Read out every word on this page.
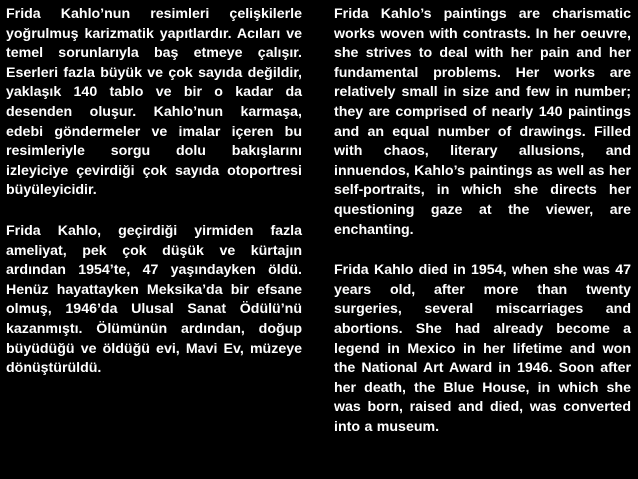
Frida Kahlo’nun resimleri çelişkilerle yoğrulmuş karizmatik yapıtlardır. Acıları ve temel sorunlarıyla baş etmeye çalışır. Eserleri fazla büyük ve çok sayıda değildir, yaklaşık 140 tablo ve bir o kadar da desenden oluşur. Kahlo’nun karmaşa, edebi göndermeler ve imalar içeren bu resimleriyle sorgu dolu bakışlarını izleyiciye çevirdiği çok sayıda otoportresi büyüleyicidir.

Frida Kahlo, geçirdiği yirmiden fazla ameliyat, pek çok düşük ve kürtajın ardından 1954’te, 47 yaşındayken öldü. Henüz hayattayken Meksika’da bir efsane olmuş, 1946’da Ulusal Sanat Ödülü’nü kazanmıştı. Ölümünün ardından, doğup büyüdüğü ve öldüğü evi, Mavi Ev, müzeye dönüştürüldü.

Frida Kahlo’s paintings are charismatic works woven with contrasts. In her oeuvre, she strives to deal with her pain and her fundamental problems. Her works are relatively small in size and few in number; they are comprised of nearly 140 paintings and an equal number of drawings. Filled with chaos, literary allusions, and innuendos, Kahlo’s paintings as well as her self-portraits, in which she directs her questioning gaze at the viewer, are enchanting.

Frida Kahlo died in 1954, when she was 47 years old, after more than twenty surgeries, several miscarriages and abortions. She had already become a legend in Mexico in her lifetime and won the National Art Award in 1946. Soon after her death, the Blue House, in which she was born, raised and died, was converted into a museum.
